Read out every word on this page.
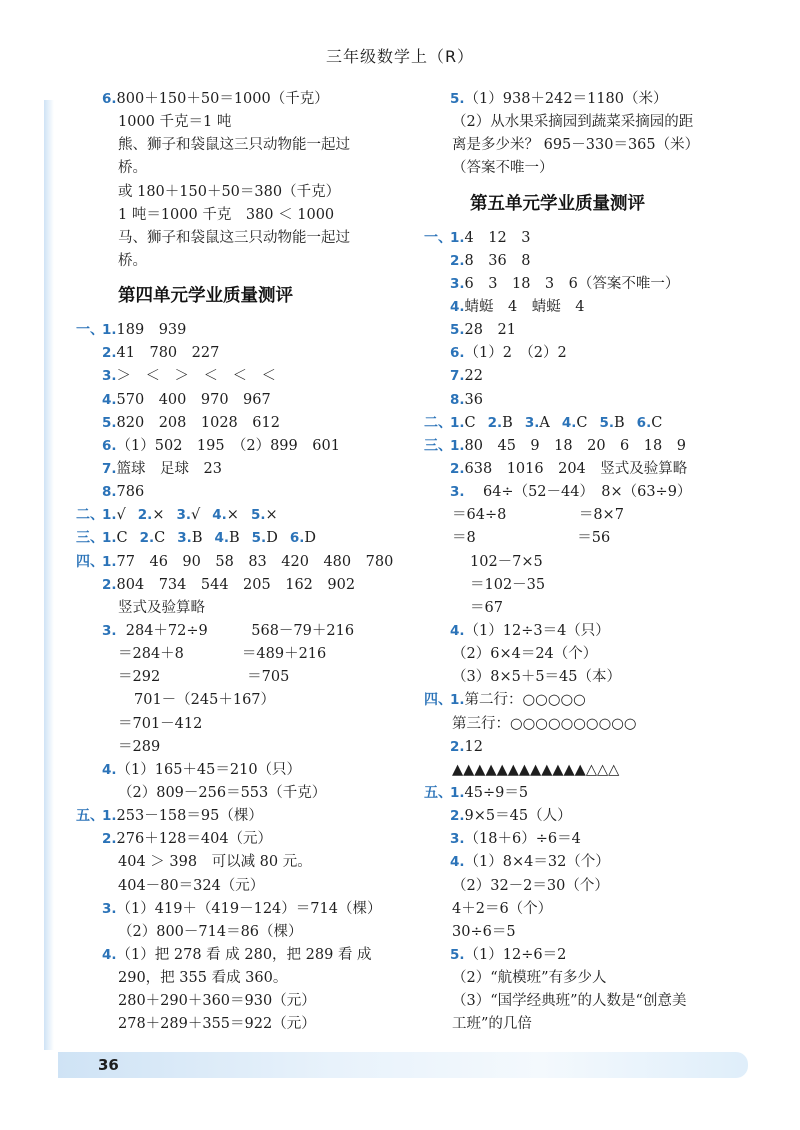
三年级数学上（R）
6. 800＋150＋50＝1000（千克）
1000 千克＝1 吨
熊、狮子和袋鼠这三只动物能一起过
桥。
或 180＋150＋50＝380（千克）
1 吨＝1000 千克　380 ＜ 1000
马、狮子和袋鼠这三只动物能一起过
桥。
第四单元学业质量测评
一、
1. 189　939
2. 41　780　227
3. ＞　＜　＞　＜　＜　＜
4. 570　400　970　967
5. 820　208　1028　612
6. （1）502　195　（2）899　601
7. 篮球　足球　23
8. 786
二、
1. √ 2. × 3. √ 4. × 5. ×
三、
1. C 2. C 3. B 4. B 5. D 6. D
四、
1. 77　46　90　58　83　420　480　780
2. 804　734　544　205　162　902
竖式及验算略
3. 284＋72÷9　　　568－79＋216
＝284＋8　　　　＝489＋216
＝292　　　　　　＝705
701－（245＋167）
＝701－412
＝289
4. （1）165＋45＝210（只）
（2）809－256＝553（千克）
五、
1. 253－158＝95（棵）
2. 276＋128＝404（元）
404 ＞ 398　可以减 80 元。
404－80＝324（元）
3. （1）419＋（419－124）＝714（棵）
（2）800－714＝86（棵）
4. （1）把 278 看 成 280，把 289 看 成
290，把 355 看成 360。
280＋290＋360＝930（元）
278＋289＋355＝922（元）
5. （1）938＋242＝1180（米）
（2）从水果采摘园到蔬菜采摘园的距
离是多少米？ 695－330＝365（米）
（答案不唯一）
第五单元学业质量测评
一、
1. 4　12　3
2. 8　36　8
3. 6　3　18　3　6（答案不唯一）
4. 蜻蜓　4　蜻蜓　4
5. 28　21
6. （1）2　（2）2
7. 22
8. 36
二、
1. C 2. B 3. A 4. C 5. B 6. C
三、
1. 80　45　9　18　20　6　18　9
2. 638　1016　204　竖式及验算略
3. 64÷（52－44）　8×（63÷9）
＝64÷8　　　　　＝8×7
＝8　　　　　　　＝56
102－7×5
＝102－35
＝67
4. （1）12÷3＝4（只）
（2）6×4＝24（个）
（3）8×5＋5＝45（本）
四、
1. 第二行：○○○○○
第三行：○○○○○○○○○○
2. 12
▲▲▲▲▲▲▲▲▲▲▲▲△△△
五、
1. 45÷9＝5
2. 9×5＝45（人）
3. （18＋6）÷6＝4
4. （1）8×4＝32（个）
（2）32－2＝30（个）
4＋2＝6（个）
30÷6＝5
5. （1）12÷6＝2
（2）“航模班”有多少人
（3）“国学经典班”的人数是“创意美
工班”的几倍
36
